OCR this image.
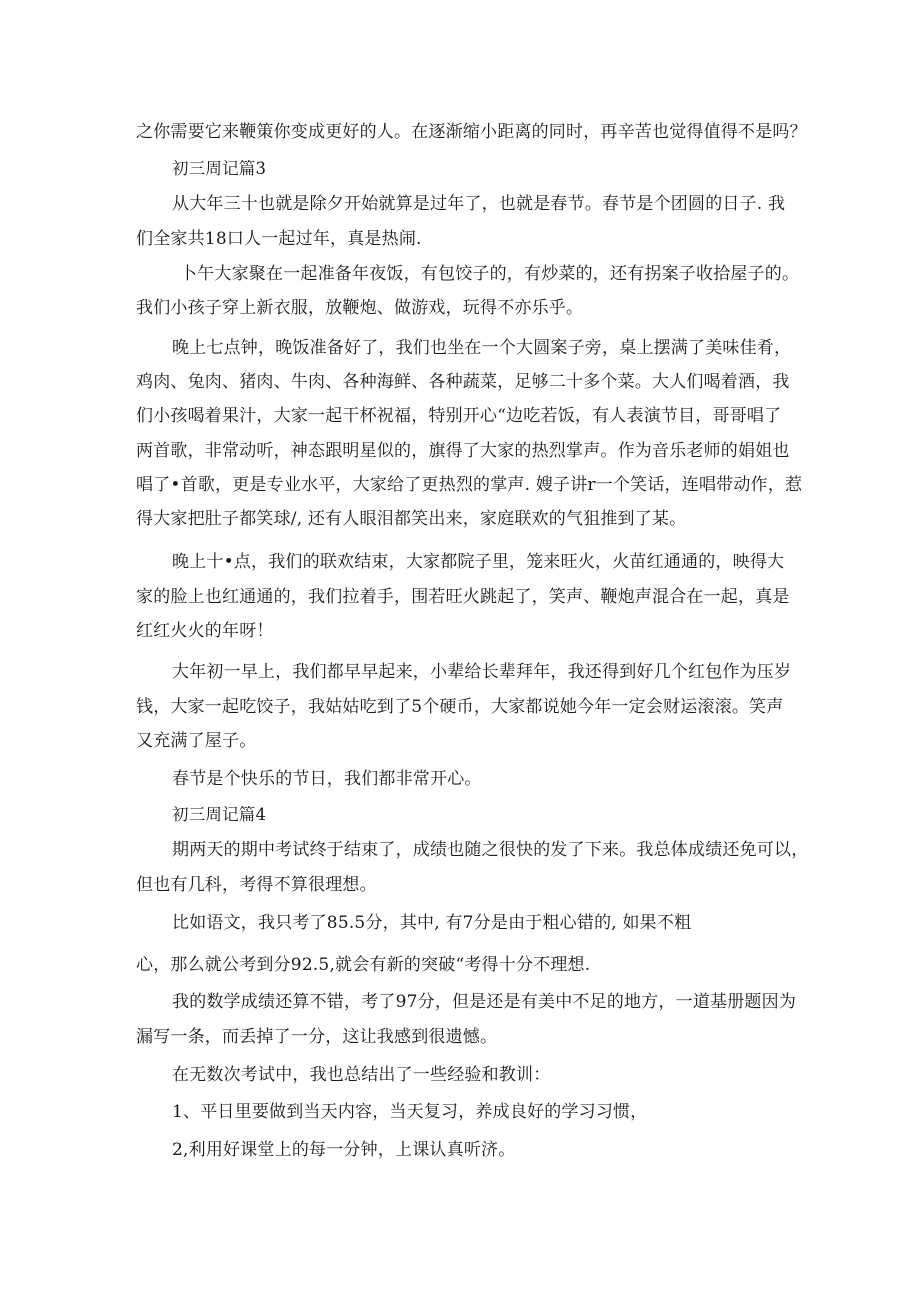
之你需要它来鞭策你变成更好的人。在逐渐缩小距离的同时，再辛苦也觉得值得不是吗？
初三周记篇3
从大年三十也就是除夕开始就算是过年了，也就是春节。春节是个团圆的日子. 我
们全家共18口人一起过年，真是热闹.
卜午大家聚在一起准备年夜饭，有包饺子的，有炒菜的，还有拐案子收拾屋子的。
我们小孩子穿上新衣服，放鞭炮、做游戏，玩得不亦乐乎。
晚上七点钟，晚饭准备好了，我们也坐在一个大圆案子旁，桌上摆满了美味佳肴，
鸡肉、兔肉、猪肉、牛肉、各种海鲜、各种蔬菜，足够二十多个菜。大人们喝着酒，我
们小孩喝着果汁，大家一起干杯祝福，特别开心“边吃若饭，有人表演节目，哥哥唱了
两首歌，非常动听，神态跟明星似的，旗得了大家的热烈掌声。作为音乐老师的娟姐也
唱了•首歌，更是专业水平，大家给了更热烈的掌声. 嫂子讲r一个笑话，连唱带动作，惹
得大家把肚子都笑球/, 还有人眼泪都笑出来，家庭联欢的气狙推到了某。
晚上十•点，我们的联欢结束，大家都院子里，笼来旺火，火苗红通通的，映得大
家的脸上也红通通的，我们拉着手，围若旺火跳起了，笑声、鞭炮声混合在一起，真是
红红火火的年呀！
大年初一早上，我们都早早起来，小辈给长辈拜年，我还得到好几个红包作为压岁
钱，大家一起吃饺子，我姑姑吃到了5个硬币，大家都说她今年一定会财运滚滚。笑声
又充满了屋子。
春节是个快乐的节日，我们都非常开心。
初三周记篇4
期两天的期中考试终于结束了，成绩也随之很快的发了下来。我总体成绩还免可以，
但也有几科，考得不算很理想。
比如语文，我只考了85.5分，其中, 有7分是由于粗心错的, 如果不粗
心，那么就公考到分92.5,就会有新的突破“考得十分不理想.
我的数学成绩还算不错，考了97分，但是还是有美中不足的地方，一道基册题因为
漏写一条，而丢掉了一分，这让我感到很遗憾。
在无数次考试中，我也总结出了一些经验和教训：
1、平日里要做到当天内容，当天复习，养成良好的学习习惯，
2,利用好课堂上的每一分钟，上课认真听济。
